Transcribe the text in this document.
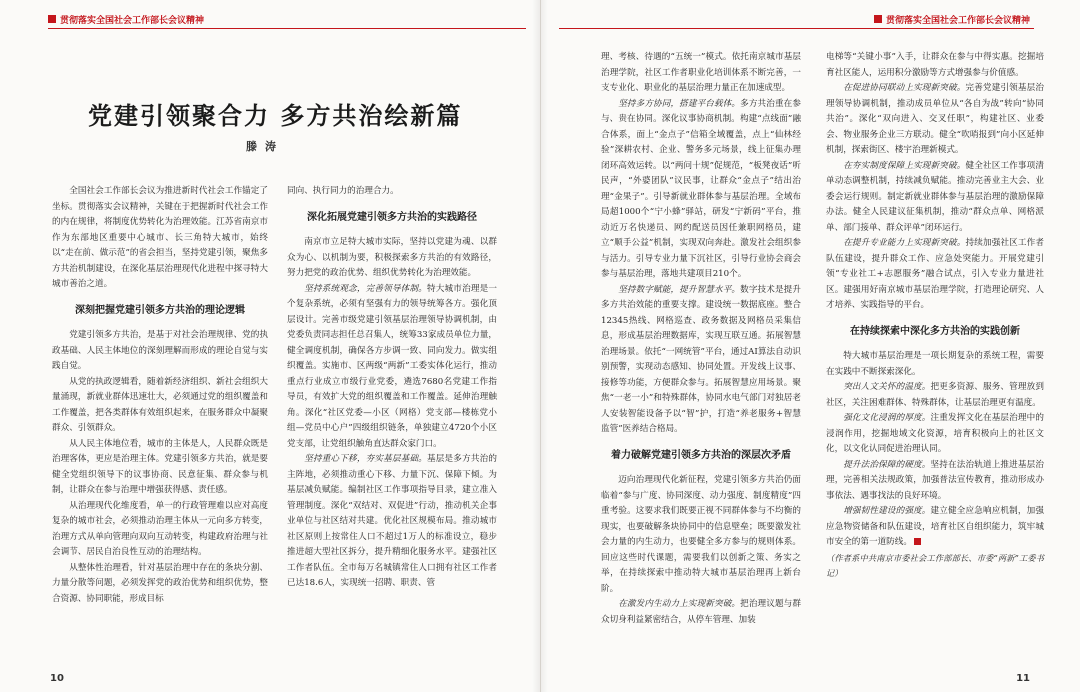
贯彻落实全国社会工作部长会议精神
党建引领聚合力 多方共治绘新篇
滕涛

全国社会工作部长会议为推进新时代社会工作锚定了坐标。贯彻落实会议精神，关键在于把握新时代社会工作的内在规律，将制度优势转化为治理效能。江苏省南京市作为东部地区重要中心城市、长三角特大城市，始终以“走在前、做示范”的省会担当，坚持党建引领，聚焦多方共治机制建设，在深化基层治理现代化进程中探寻特大城市善治之道。

深刻把握党建引领多方共治的理论逻辑

党建引领多方共治，是基于对社会治理规律、党的执政基础、人民主体地位的深刻理解而形成的理论自觉与实践自觉。

从党的执政逻辑看，随着新经济组织、新社会组织大量涌现，新就业群体迅速壮大，必须通过党的组织覆盖和工作覆盖，把各类群体有效组织起来，在服务群众中凝聚群众、引领群众。

从人民主体地位看，城市的主体是人，人民群众既是治理客体，更应是治理主体。党建引领多方共治，就是要健全党组织领导下的议事协商、民意征集、群众参与机制，让群众在参与治理中增强获得感、责任感。

从治理现代化维度看，单一的行政管理难以应对高度复杂的城市社会，必须推动治理主体从一元向多方转变，治理方式从单向管理向双向互动转变，构建政府治理与社会调节、居民自治良性互动的治理结构。

从整体性治理看，针对基层治理中存在的条块分割、力量分散等问题，必须发挥党的政治优势和组织优势，整合资源、协同职能，形成目标

同向、执行同力的治理合力。

深化拓展党建引领多方共治的实践路径

南京市立足特大城市实际，坚持以党建为魂、以群众为心、以机制为要，积极探索多方共治的有效路径，努力把党的政治优势、组织优势转化为治理效能。

坚持系统观念，完善领导体制。特大城市治理是一个复杂系统，必须有坚强有力的领导统筹各方。强化顶层设计。完善市级党建引领基层治理领导协调机制，由党委负责同志担任总召集人，统筹33家成员单位力量，健全调度机制，确保各方步调一致、同向发力。做实组织覆盖。实施市、区两级“两新”工委实体化运行，推动重点行业成立市级行业党委，遴选7680名党建工作指导员，有效扩大党的组织覆盖和工作覆盖。延伸治理触角。深化“社区党委—小区（网格）党支部—楼栋党小组—党员中心户”四级组织链条，单独建立4720个小区党支部，让党组织触角直达群众家门口。

坚持重心下移，夯实基层基础。基层是多方共治的主阵地，必须推动重心下移、力量下沉、保障下倾。为基层减负赋能。编制社区工作事项指导目录，建立准入管理制度。深化“双结对、双促进”行动，推动机关企事业单位与社区结对共建。优化社区规模布局。推动城市社区原则上按常住人口不超过1万人的标准设立，稳步推进超大型社区拆分，提升精细化服务水平。建强社区工作者队伍。全市每万名城镇常住人口拥有社区工作者已达18.6人，实现统一招聘、职责、管

10
贯彻落实全国社会工作部长会议精神

理、考核、待遇的“五统一”模式。依托南京城市基层治理学院，社区工作者职业化培训体系不断完善，一支专业化、职业化的基层治理力量正在加速成型。

坚持多方协同，搭建平台载体。多方共治重在参与、贵在协同。深化议事协商机制。构建“点线面”融合体系，面上“金点子”信箱全域覆盖，点上“仙林经验”深耕农村、企业、警务多元场景，线上征集办理闭环高效运转。以“两问十规”促规范，“板凳夜话”听民声，“外婆团队”议民事，让群众“金点子”结出治理“金果子”。引导新就业群体参与基层治理。全域布局超1000个“宁小蜂”驿站，研发“宁新码”平台，推动近万名快递员、网约配送员因任兼职网格员，建立“顺手公益”机制，实现双向奔赴。激发社会组织参与活力。引导专业力量下沉社区，引导行业协会商会参与基层治理，落地共建项目210个。

坚持数字赋能，提升智慧水平。数字技术是提升多方共治效能的重要支撑。建设统一数据底座。整合12345热线、网格巡查、政务数据及网格员采集信息，形成基层治理数据库，实现互联互通。拓展智慧治理场景。依托“一网统管”平台，通过AI算法自动识别预警，实现动态感知、协同处置。开发线上议事、接修等功能，方便群众参与。拓展智慧应用场景。聚焦“一老一小”和特殊群体，协同水电气部门对独居老人安装智能设备予以“智”护，打造“养老服务+智慧监管”医养结合格局。

着力破解党建引领多方共治的深层次矛盾

迈向治理现代化新征程，党建引领多方共治仍面临着“参与广度、协同深度、动力强度、制度精度”四重考验。这要求我们既要正视不同群体参与不均衡的现实，也要破解条块协同中的信息壁垒；既要激发社会力量的内生动力，也要健全多方参与的规则体系。回应这些时代课题，需要我们以创新之策、务实之举，在持续探索中推动特大城市基层治理再上新台阶。

在激发内生动力上实现新突破。把治理议题与群众切身利益紧密结合，从停车管理、加装

电梯等“关键小事”入手，让群众在参与中得实惠。挖掘培育社区能人，运用积分激励等方式增强参与价值感。

在促进协同联动上实现新突破。完善党建引领基层治理领导协调机制，推动成员单位从“各自为战”转向“协同共治”。深化“双向进入、交叉任职”，构建社区、业委会、物业服务企业三方联动。健全“吹哨报到”向小区延伸机制，探索街区、楼宇治理新模式。

在夯实制度保障上实现新突破。健全社区工作事项清单动态调整机制，持续减负赋能。推动完善业主大会、业委会运行规则。制定新就业群体参与基层治理的激励保障办法。健全人民建议征集机制，推动“群众点单、网格派单、部门接单、群众评单”闭环运行。

在提升专业能力上实现新突破。持续加强社区工作者队伍建设，提升群众工作、应急处突能力。开展党建引领“专业社工+志愿服务”融合试点，引入专业力量进社区。建强用好南京城市基层治理学院，打造理论研究、人才培养、实践指导的平台。

在持续探索中深化多方共治的实践创新

特大城市基层治理是一项长期复杂的系统工程，需要在实践中不断探索深化。

突出人文关怀的温度。把更多资源、服务、管理放到社区，关注困难群体、特殊群体，让基层治理更有温度。

强化文化浸润的厚度。注重发挥文化在基层治理中的浸润作用，挖掘地域文化资源，培育积极向上的社区文化，以文化认同促进治理认同。

提升法治保障的硬度。坚持在法治轨道上推进基层治理，完善相关法规政策，加强普法宣传教育，推动形成办事依法、遇事找法的良好环境。

增强韧性建设的强度。建立健全应急响应机制，加强应急物资储备和队伍建设，培育社区自组织能力，筑牢城市安全的第一道防线。

（作者系中共南京市委社会工作部部长、市委“两新”工委书记）

11
